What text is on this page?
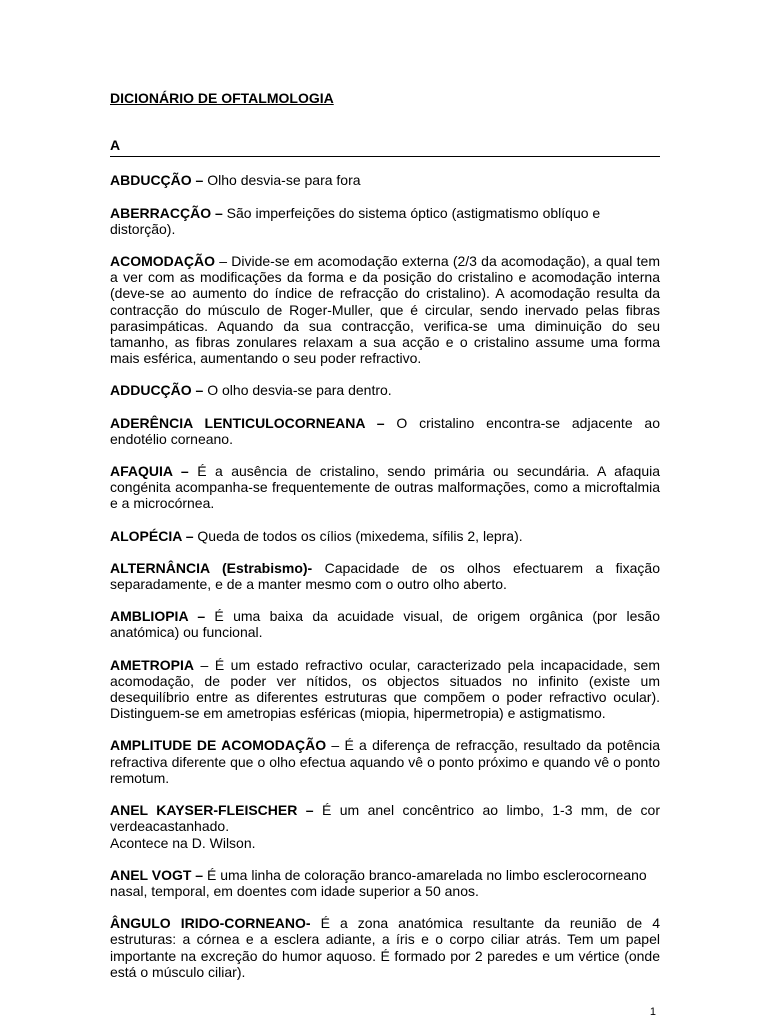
DICIONÁRIO DE OFTALMOLOGIA
A
ABDUCÇÃO – Olho desvia-se para fora
ABERRACÇÃO – São imperfeições do sistema óptico (astigmatismo oblíquo e distorção).
ACOMODAÇÃO – Divide-se em acomodação externa (2/3 da acomodação), a qual tem a ver com as modificações da forma e da posição do cristalino e acomodação interna (deve-se ao aumento do índice de refracção do cristalino). A acomodação resulta da contracção do músculo de Roger-Muller, que é circular, sendo inervado pelas fibras parasimpáticas. Aquando da sua contracção, verifica-se uma diminuição do seu tamanho, as fibras zonulares relaxam a sua acção e o cristalino assume uma forma mais esférica, aumentando o seu poder refractivo.
ADDUCÇÃO – O olho desvia-se para dentro.
ADERÊNCIA LENTICULOCORNEANA – O cristalino encontra-se adjacente ao endotélio corneano.
AFAQUIA – É a ausência de cristalino, sendo primária ou secundária. A afaquia congénita acompanha-se frequentemente de outras malformações, como a microftalmia e a microcórnea.
ALOPÉCIA – Queda de todos os cílios (mixedema, sífilis 2, lepra).
ALTERNÂNCIA (Estrabismo)- Capacidade de os olhos efectuarem a fixação separadamente, e de a manter mesmo com o outro olho aberto.
AMBLIOPIA – É uma baixa da acuidade visual, de origem orgânica (por lesão anatómica) ou funcional.
AMETROPIA – É um estado refractivo ocular, caracterizado pela incapacidade, sem acomodação, de poder ver nítidos, os objectos situados no infinito (existe um desequilíbrio entre as diferentes estruturas que compõem o poder refractivo ocular). Distinguem-se em ametropias esféricas (miopia, hipermetropia) e astigmatismo.
AMPLITUDE DE ACOMODAÇÃO – É a diferença de refracção, resultado da potência refractiva diferente que o olho efectua aquando vê o ponto próximo e quando vê o ponto remotum.
ANEL KAYSER-FLEISCHER – É um anel concêntrico ao limbo, 1-3 mm, de cor verdeacastanhado.
Acontece na D. Wilson.
ANEL VOGT – É uma linha de coloração branco-amarelada no limbo esclerocorneano nasal, temporal, em doentes com idade superior a 50 anos.
ÂNGULO IRIDO-CORNEANO- É a zona anatómica resultante da reunião de 4 estruturas: a córnea e a esclera adiante, a íris e o corpo ciliar atrás. Tem um papel importante na excreção do humor aquoso. É formado por 2 paredes e um vértice (onde está o músculo ciliar).
1
